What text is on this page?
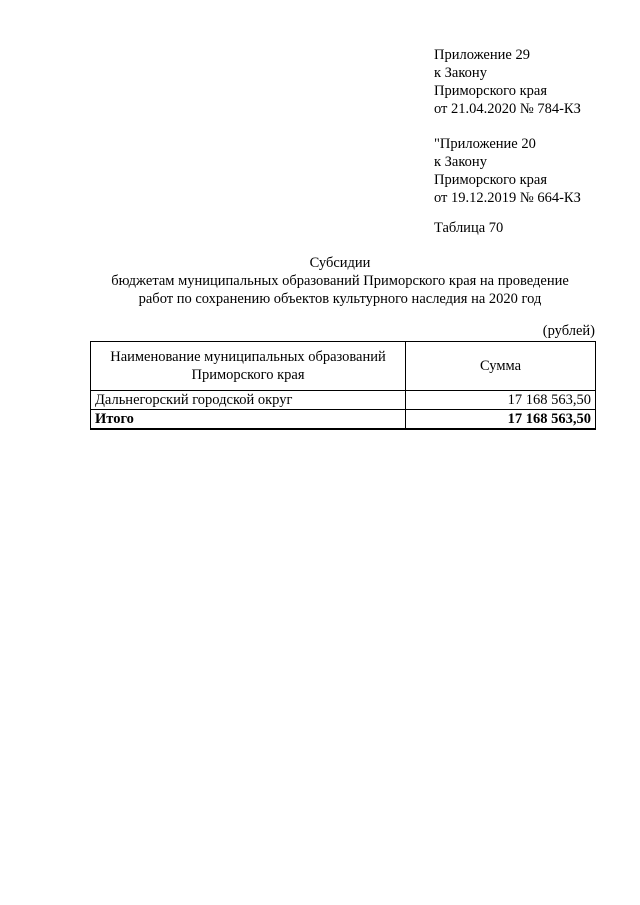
Приложение 29
к Закону
Приморского края
от 21.04.2020 № 784-КЗ
"Приложение 20
к Закону
Приморского края
от 19.12.2019 № 664-КЗ
Таблица 70
Субсидии
бюджетам муниципальных образований Приморского края на проведение
работ по сохранению объектов культурного наследия на 2020 год
(рублей)
Наименование муниципальных образований Приморского края	Сумма
Дальнегорский городской округ	17 168 563,50
Итого	17 168 563,50
